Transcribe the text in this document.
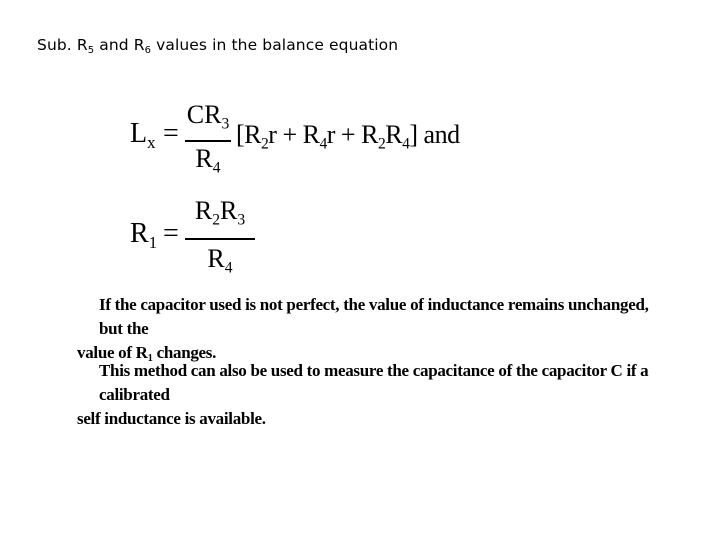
Sub. $R_5$ and $R_6$ values in the balance equation
$L_x$ =
$CR_3$
$R_4$
$[R_2r + R_4r + R_2R_4]$ and
$R_1$ =
$R_2R_3$
$R_4$
If the capacitor used is not perfect, the value of inductance remains unchanged, but the
value of $R_1$ changes.
This method can also be used to measure the capacitance of the capacitor C if a calibrated
self inductance is available.
